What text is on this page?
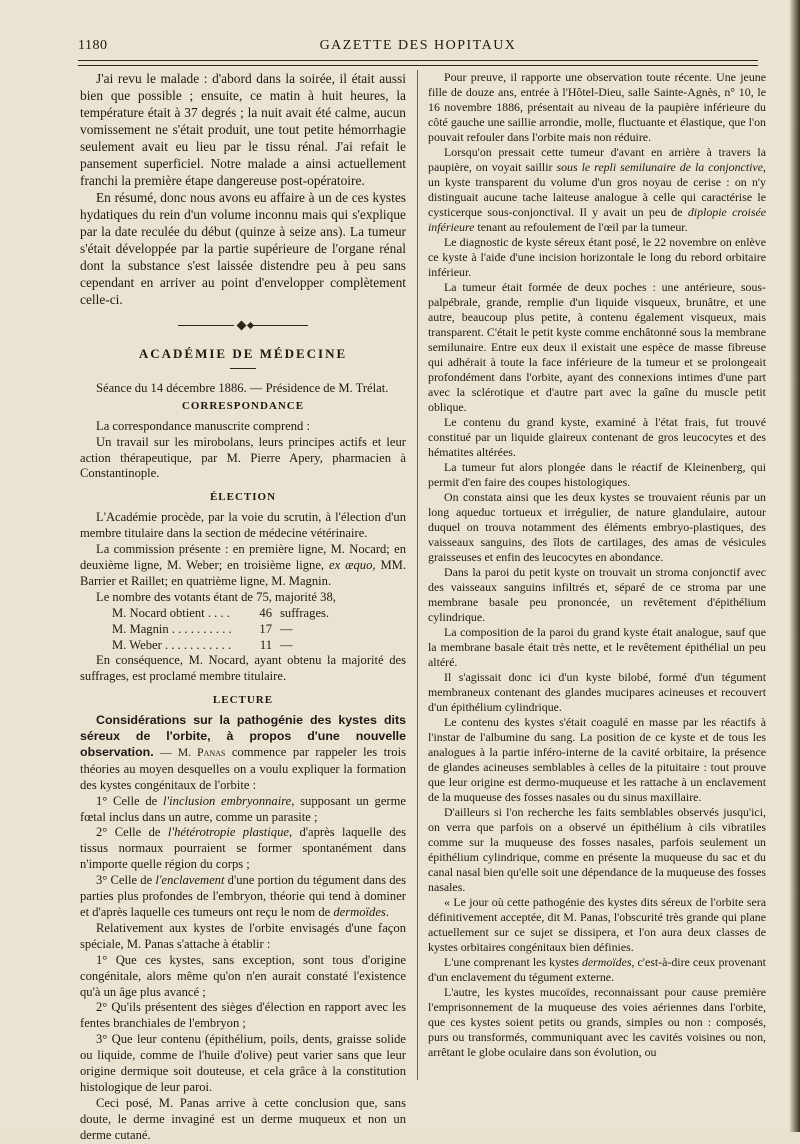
1180	GAZETTE DES HOPITAUX

J'ai revu le malade : d'abord dans la soirée, il était aussi bien que possible ; ensuite, ce matin à huit heures, la température était à 37 degrés ; la nuit avait été calme, aucun vomissement ne s'était produit, une tout petite hémorrhagie seulement avait eu lieu par le tissu rénal. J'ai refait le pansement superficiel. Notre malade a ainsi actuellement franchi la première étape dangereuse post-opératoire.

En résumé, donc nous avons eu affaire à un de ces kystes hydatiques du rein d'un volume inconnu mais qui s'explique par la date reculée du début (quinze à seize ans). La tumeur s'était développée par la partie supérieure de l'organe rénal dont la substance s'est laissée distendre peu à peu sans cependant en arriver au point d'envelopper complètement celle-ci.

ACADÉMIE DE MÉDECINE

Séance du 14 décembre 1886. — Présidence de M. Trélat.

CORRESPONDANCE

La correspondance manuscrite comprend :

Un travail sur les mirobolans, leurs principes actifs et leur action thérapeutique, par M. Pierre Apery, pharmacien à Constantinople.

ÉLECTION

L'Académie procède, par la voie du scrutin, à l'élection d'un membre titulaire dans la section de médecine vétérinaire.

La commission présente : en première ligne, M. Nocard; en deuxième ligne, M. Weber; en troisième ligne, ex æquo, MM. Barrier et Raillet; en quatrième ligne, M. Magnin.

Le nombre des votants étant de 75, majorité 38,

M. Nocard obtient . . .	46 suffrages.
M. Magnin . . .	17 —
M. Weber . . .	11 —

En conséquence, M. Nocard, ayant obtenu la majorité des suffrages, est proclamé membre titulaire.

LECTURE

Considérations sur la pathogénie des kystes dits séreux de l'orbite, à propos d'une nouvelle observation. — M. Panas commence par rappeler les trois théories au moyen desquelles on a voulu expliquer la formation des kystes congénitaux de l'orbite :

1° Celle de l'inclusion embryonnaire, supposant un germe fœtal inclus dans un autre, comme un parasite ;

2° Celle de l'hétérotropie plastique, d'après laquelle des tissus normaux pourraient se former spontanément dans n'importe quelle région du corps ;

3° Celle de l'enclavement d'une portion du tégument dans des parties plus profondes de l'embryon, théorie qui tend à dominer et d'après laquelle ces tumeurs ont reçu le nom de dermoïdes.

Relativement aux kystes de l'orbite envisagés d'une façon spéciale, M. Panas s'attache à établir :

1° Que ces kystes, sans exception, sont tous d'origine congénitale, alors même qu'on n'en aurait constaté l'existence qu'à un âge plus avancé ;

2° Qu'ils présentent des sièges d'élection en rapport avec les fentes branchiales de l'embryon ;

3° Que leur contenu (épithélium, poils, dents, graisse solide ou liquide, comme de l'huile d'olive) peut varier sans que leur origine dermique soit douteuse, et cela grâce à la constitution histologique de leur paroi.

Ceci posé, M. Panas arrive à cette conclusion que, sans doute, le derme invaginé est un derme muqueux et non un derme cutané.

Pour preuve, il rapporte une observation toute récente. Une jeune fille de douze ans, entrée à l'Hôtel-Dieu, salle Sainte-Agnès, n° 10, le 16 novembre 1886, présentait au niveau de la paupière inférieure du côté gauche une saillie arrondie, molle, fluctuante et élastique, que l'on pouvait refouler dans l'orbite mais non réduire.

Lorsqu'on pressait cette tumeur d'avant en arrière à travers la paupière, on voyait saillir sous le repli semilunaire de la conjonctive, un kyste transparent du volume d'un gros noyau de cerise : on n'y distinguait aucune tache laiteuse analogue à celle qui caractérise le cysticerque sous-conjonctival. Il y avait un peu de diplopie croisée inférieure tenant au refoulement de l'œil par la tumeur.

Le diagnostic de kyste séreux étant posé, le 22 novembre on enlève ce kyste à l'aide d'une incision horizontale le long du rebord orbitaire inférieur.

La tumeur était formée de deux poches : une antérieure, sous-palpébrale, grande, remplie d'un liquide visqueux, brunâtre, et une autre, beaucoup plus petite, à contenu également visqueux, mais transparent. C'était le petit kyste comme enchâtonné sous la membrane semilunaire. Entre eux deux il existait une espèce de masse fibreuse qui adhérait à toute la face inférieure de la tumeur et se prolongeait profondément dans l'orbite, ayant des connexions intimes d'une part avec la sclérotique et d'autre part avec la gaîne du muscle petit oblique.

Le contenu du grand kyste, examiné à l'état frais, fut trouvé constitué par un liquide glaireux contenant de gros leucocytes et des hématites altérées.

La tumeur fut alors plongée dans le réactif de Kleinenberg, qui permit d'en faire des coupes histologiques.

On constata ainsi que les deux kystes se trouvaient réunis par un long aqueduc tortueux et irrégulier, de nature glandulaire, autour duquel on trouva notamment des éléments embryo-plastiques, des vaisseaux sanguins, des îlots de cartilages, des amas de vésicules graisseuses et enfin des leucocytes en abondance.

Dans la paroi du petit kyste on trouvait un stroma conjonctif avec des vaisseaux sanguins infiltrés et, séparé de ce stroma par une membrane basale peu prononcée, un revêtement d'épithélium cylindrique.

La composition de la paroi du grand kyste était analogue, sauf que la membrane basale était très nette, et le revêtement épithélial un peu altéré.

Il s'agissait donc ici d'un kyste bilobé, formé d'un tégument membraneux contenant des glandes mucipares acineuses et recouvert d'un épithélium cylindrique.

Le contenu des kystes s'était coagulé en masse par les réactifs à l'instar de l'albumine du sang. La position de ce kyste et de tous les analogues à la partie inféro-interne de la cavité orbitaire, la présence de glandes acineuses semblables à celles de la pituitaire : tout prouve que leur origine est dermo-muqueuse et les rattache à un enclavement de la muqueuse des fosses nasales ou du sinus maxillaire.

D'ailleurs si l'on recherche les faits semblables observés jusqu'ici, on verra que parfois on a observé un épithélium à cils vibratiles comme sur la muqueuse des fosses nasales, parfois seulement un épithélium cylindrique, comme en présente la muqueuse du sac et du canal nasal bien qu'elle soit une dépendance de la muqueuse des fosses nasales.

« Le jour où cette pathogénie des kystes dits séreux de l'orbite sera définitivement acceptée, dit M. Panas, l'obscurité très grande qui plane actuellement sur ce sujet se dissipera, et l'on aura deux classes de kystes orbitaires congénitaux bien définies.

L'une comprenant les kystes dermoïdes, c'est-à-dire ceux provenant d'un enclavement du tégument externe.

L'autre, les kystes mucoïdes, reconnaissant pour cause première l'emprisonnement de la muqueuse des voies aériennes dans l'orbite, que ces kystes soient petits ou grands, simples ou non : composés, purs ou transformés, communiquant avec les cavités voisines ou non, arrêtant le globe oculaire dans son évolution, ou
